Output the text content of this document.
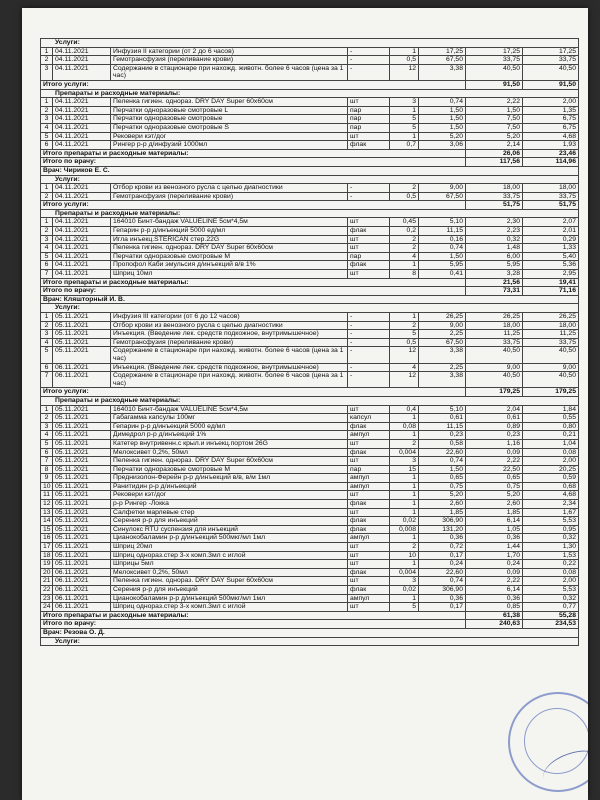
Услуги:							
1	04.11.2021	Инфузия II категории (от 2 до 6 часов)	-	1	17,25	17,25	17,25
2	04.11.2021	Гемотрансфузия (переливание крови)	-	0,5	67,50	33,75	33,75
3	04.11.2021	Содержание в стационаре при нахожд. животн. более 6 часов (цена за 1 час)	-	12	3,38	40,50	40,50
Итого услуги:						91,50	91,50
Препараты и расходные материалы:							
1	04.11.2021	Пеленка гигиен. однораз. DRY DAY Super 60х60см	шт	3	0,74	2,22	2,00
2	04.11.2021	Перчатки одноразовые смотровые L	пар	1	1,50	1,50	1,35
3	04.11.2021	Перчатки одноразовые смотровые	пар	5	1,50	7,50	6,75
4	04.11.2021	Перчатки одноразовые смотровые S	пар	5	1,50	7,50	6,75
5	04.11.2021	Рековери кэт/дог	шт	1	5,20	5,20	4,68
6	04.11.2021	Рингер р-р д/инфузий 1000мл	флак	0,7	3,06	2,14	1,93
Итого препараты и расходные материалы:						26,06	23,46
Итого по врачу:						117,56	114,96
Врач: Чириков Е. С.							
Услуги:							
1	04.11.2021	Отбор крови из венозного русла с целью диагностики	-	2	9,00	18,00	18,00
2	04.11.2021	Гемотрансфузия (переливание крови)	-	0,5	67,50	33,75	33,75
Итого услуги:						51,75	51,75
Препараты и расходные материалы:							
1	04.11.2021	164010 Бинт-бандаж VALUELINE 5см*4,5м	шт	0,45	5,10	2,30	2,07
2	04.11.2021	Гепарин р-р д/инъекций 5000 ед/мл	флак	0,2	11,15	2,23	2,01
3	04.11.2021	Игла инъекц.STERICAN стер.22G	шт	2	0,16	0,32	0,29
4	04.11.2021	Пеленка гигиен. однораз. DRY DAY Super 60х60см	шт	2	0,74	1,48	1,33
5	04.11.2021	Перчатки одноразовые смотровые M	пар	4	1,50	6,00	5,40
6	04.11.2021	Пропофол Каби эмульсия д/инъекций в/в 1%	флак	1	5,95	5,95	5,36
7	04.11.2021	Шприц 10мл	шт	8	0,41	3,28	2,95
Итого препараты и расходные материалы:						21,56	19,41
Итого по врачу:						73,31	71,16
Врач: Кляшторный И. В.							
Услуги:							
1	05.11.2021	Инфузия III категории (от 6 до 12 часов)	-	1	26,25	26,25	26,25
2	05.11.2021	Отбор крови из венозного русла с целью диагностики	-	2	9,00	18,00	18,00
3	05.11.2021	Инъекция. (Введение лек. средств подкожное, внутримышечное)	-	5	2,25	11,25	11,25
4	05.11.2021	Гемотрансфузия (переливание крови)	-	0,5	67,50	33,75	33,75
5	05.11.2021	Содержание в стационаре при нахожд. животн. более 6 часов (цена за 1 час)	-	12	3,38	40,50	40,50
6	06.11.2021	Инъекция. (Введение лек. средств подкожное, внутримышечное)	-	4	2,25	9,00	9,00
7	06.11.2021	Содержание в стационаре при нахожд. животн. более 6 часов (цена за 1 час)	-	12	3,38	40,50	40,50
Итого услуги:						179,25	179,25
Препараты и расходные материалы:							
1	05.11.2021	164010 Бинт-бандаж VALUELINE 5см*4,5м	шт	0,4	5,10	2,04	1,84
2	05.11.2021	Габагамма капсулы 100мг	капсул	1	0,61	0,61	0,55
3	05.11.2021	Гепарин р-р д/инъекций 5000 ед/мл	флак	0,08	11,15	0,89	0,80
4	05.11.2021	Димедрол р-р д/инъекций 1%	ампул	1	0,23	0,23	0,21
5	05.11.2021	Катетер внутривенн.с крыл.и инъекц.портом 26G	шт	2	0,58	1,16	1,04
6	05.11.2021	Мелоксивет 0,2%, 50мл	флак	0,004	22,60	0,09	0,08
7	05.11.2021	Пеленка гигиен. однораз. DRY DAY Super 60х60см	шт	3	0,74	2,22	2,00
8	05.11.2021	Перчатки одноразовые смотровые M	пар	15	1,50	22,50	20,25
9	05.11.2021	Преднизолон-Ферейн р-р д/инъекций в/в, в/м 1мл	ампул	1	0,65	0,65	0,59
10	05.11.2021	Ранитидин р-р д/инъекций	ампул	1	0,75	0,75	0,68
11	05.11.2021	Рековери кэт/дог	шт	1	5,20	5,20	4,68
12	05.11.2021	р-р Рингер -Локка	флак	1	2,60	2,60	2,34
13	05.11.2021	Салфетки марлевые стер	шт	1	1,85	1,85	1,67
14	05.11.2021	Серения р-р для инъекций	флак	0,02	306,90	6,14	5,53
15	05.11.2021	Синулокс RTU суспензия для инъекций	флак	0,008	131,20	1,05	0,95
16	05.11.2021	Цианокобаламин р-р д/инъекций 500мкг/мл 1мл	ампул	1	0,36	0,36	0,32
17	05.11.2021	Шприц 20мл	шт	2	0,72	1,44	1,30
18	05.11.2021	Шприц однораз.стер 3-х комп.3мл с иглой	шт	10	0,17	1,70	1,53
19	05.11.2021	Шприцы 5мл	шт	1	0,24	0,24	0,22
20	06.11.2021	Мелоксивет 0,2%, 50мл	флак	0,004	22,60	0,09	0,08
21	06.11.2021	Пеленка гигиен. однораз. DRY DAY Super 60х60см	шт	3	0,74	2,22	2,00
22	06.11.2021	Серения р-р для инъекций	флак	0,02	306,90	6,14	5,53
23	06.11.2021	Цианокобаламин р-р д/инъекций 500мкг/мл 1мл	ампул	1	0,36	0,36	0,32
24	06.11.2021	Шприц однораз.стер 3-х комп.3мл с иглой	шт	5	0,17	0,85	0,77
Итого препараты и расходные материалы:						61,38	55,28
Итого по врачу:						240,63	234,53
Врач: Резова О. Д.							
Услуги:							
